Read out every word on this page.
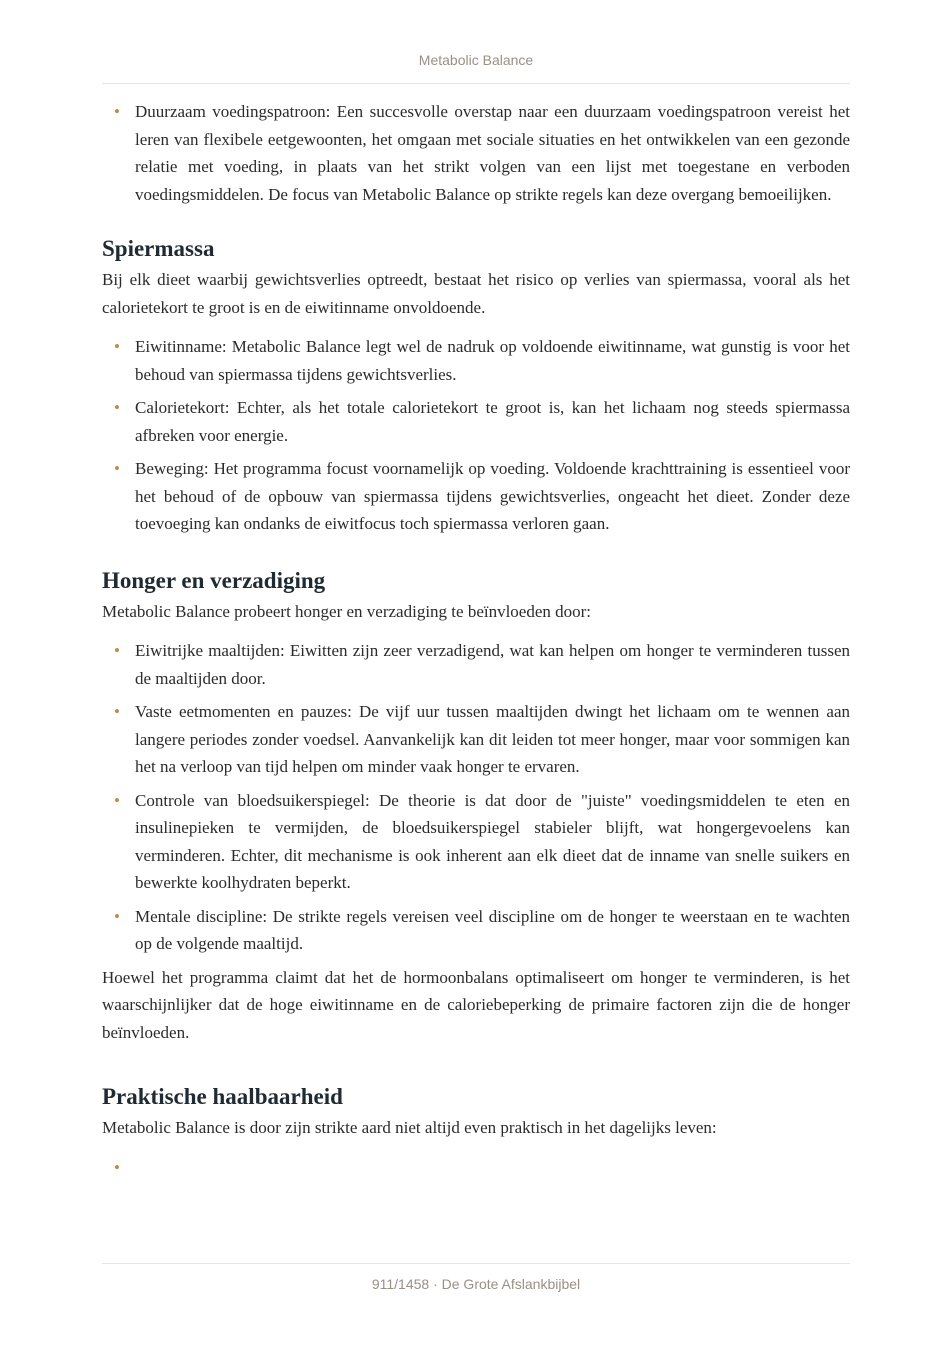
Metabolic Balance
• Duurzaam voedingspatroon: Een succesvolle overstap naar een duurzaam voedingspatroon vereist het leren van flexibele eetgewoonten, het omgaan met sociale situaties en het ontwikkelen van een gezonde relatie met voeding, in plaats van het strikt volgen van een lijst met toegestane en verboden voedingsmiddelen. De focus van Metabolic Balance op strikte regels kan deze overgang bemoeilijken.
Spiermassa

Bij elk dieet waarbij gewichtsverlies optreedt, bestaat het risico op verlies van spiermassa, vooral als het calorietekort te groot is en de eiwitinname onvoldoende.

• Eiwitinname: Metabolic Balance legt wel de nadruk op voldoende eiwitinname, wat gunstig is voor het behoud van spiermassa tijdens gewichtsverlies.
• Calorietekort: Echter, als het totale calorietekort te groot is, kan het lichaam nog steeds spiermassa afbreken voor energie.
• Beweging: Het programma focust voornamelijk op voeding. Voldoende krachttraining is essentieel voor het behoud of de opbouw van spiermassa tijdens gewichtsverlies, ongeacht het dieet. Zonder deze toevoeging kan ondanks de eiwitfocus toch spiermassa verloren gaan.
Honger en verzadiging

Metabolic Balance probeert honger en verzadiging te beïnvloeden door:

• Eiwitrijke maaltijden: Eiwitten zijn zeer verzadigend, wat kan helpen om honger te verminderen tussen de maaltijden door.
• Vaste eetmomenten en pauzes: De vijf uur tussen maaltijden dwingt het lichaam om te wennen aan langere periodes zonder voedsel. Aanvankelijk kan dit leiden tot meer honger, maar voor sommigen kan het na verloop van tijd helpen om minder vaak honger te ervaren.
• Controle van bloedsuikerspiegel: De theorie is dat door de "juiste" voedingsmiddelen te eten en insulinepieken te vermijden, de bloedsuikerspiegel stabieler blijft, wat hongergevoelens kan verminderen. Echter, dit mechanisme is ook inherent aan elk dieet dat de inname van snelle suikers en bewerkte koolhydraten beperkt.
• Mentale discipline: De strikte regels vereisen veel discipline om de honger te weerstaan en te wachten op de volgende maaltijd.

Hoewel het programma claimt dat het de hormoonbalans optimaliseert om honger te verminderen, is het waarschijnlijker dat de hoge eiwitinname en de caloriebeperking de primaire factoren zijn die de honger beïnvloeden.

Praktische haalbaarheid

Metabolic Balance is door zijn strikte aard niet altijd even praktisch in het dagelijks leven:

•

911/1458 · De Grote Afslankbijbel
